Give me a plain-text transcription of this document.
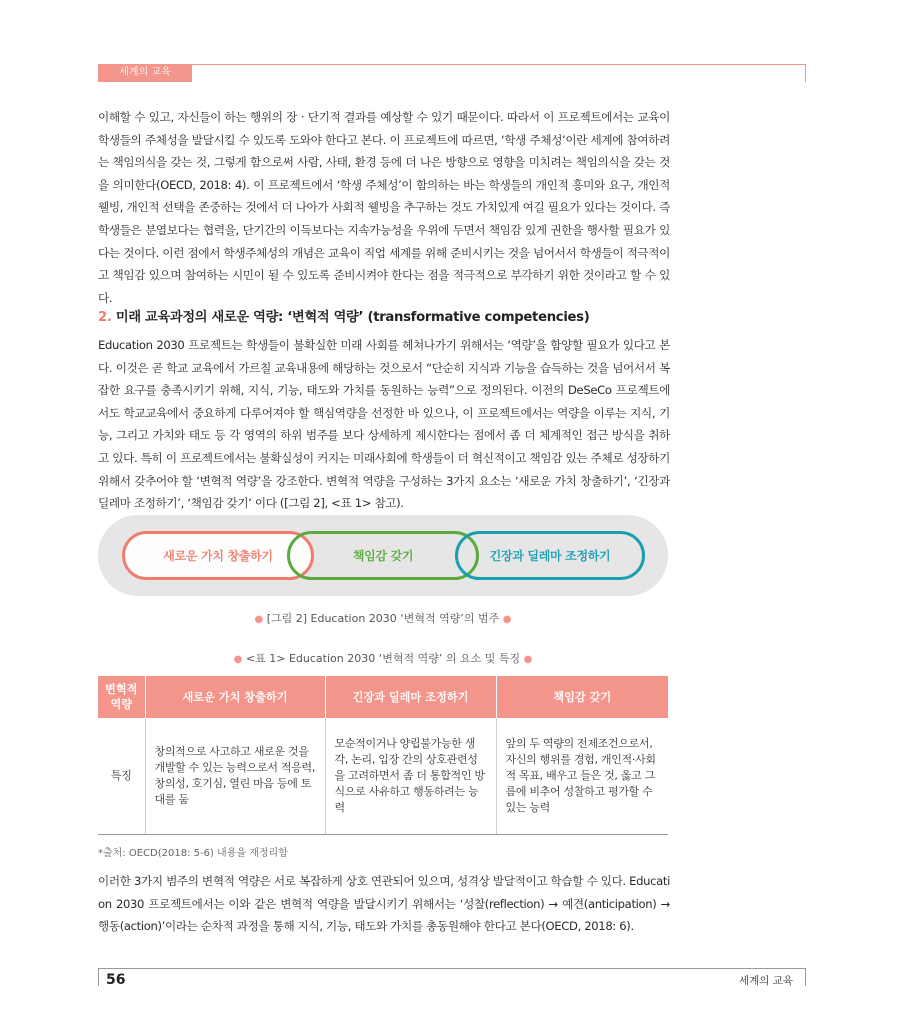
세계의 교육

이해할 수 있고, 자신들이 하는 행위의 장 · 단기적 결과를 예상할 수 있기 때문이다. 따라서 이 프로젝트에서는 교육이 학생들의 주체성을 발달시킬 수 있도록 도와야 한다고 본다. 이 프로젝트에 따르면, ‘학생 주체성’이란 세계에 참여하려는 책임의식을 갖는 것, 그렇게 함으로써 사람, 사태, 환경 등에 더 나은 방향으로 영향을 미치려는 책임의식을 갖는 것을 의미한다(OECD, 2018: 4). 이 프로젝트에서 ‘학생 주체성’이 함의하는 바는 학생들의 개인적 흥미와 요구, 개인적 웰빙, 개인적 선택을 존중하는 것에서 더 나아가 사회적 웰빙을 추구하는 것도 가치있게 여길 필요가 있다는 것이다. 즉 학생들은 분열보다는 협력을, 단기간의 이득보다는 지속가능성을 우위에 두면서 책임감 있게 권한을 행사할 필요가 있다는 것이다. 이런 점에서 학생주체성의 개념은 교육이 직업 세계를 위해 준비시키는 것을 넘어서서 학생들이 적극적이고 책임감 있으며 참여하는 시민이 될 수 있도록 준비시켜야 한다는 점을 적극적으로 부각하기 위한 것이라고 할 수 있다.

2. 미래 교육과정의 새로운 역량: ‘변혁적 역량’ (transformative competencies)

Education 2030 프로젝트는 학생들이 불확실한 미래 사회를 헤쳐나가기 위해서는 ‘역량’을 함양할 필요가 있다고 본다. 이것은 곧 학교 교육에서 가르칠 교육내용에 해당하는 것으로서 “단순히 지식과 기능을 습득하는 것을 넘어서서 복잡한 요구를 충족시키기 위해, 지식, 기능, 태도와 가치를 동원하는 능력”으로 정의된다. 이전의 DeSeCo 프로젝트에서도 학교교육에서 중요하게 다루어져야 할 핵심역량을 선정한 바 있으나, 이 프로젝트에서는 역량을 이루는 지식, 기능, 그리고 가치와 태도 등 각 영역의 하위 범주를 보다 상세하게 제시한다는 점에서 좀 더 체계적인 접근 방식을 취하고 있다. 특히 이 프로젝트에서는 불확실성이 커지는 미래사회에 학생들이 더 혁신적이고 책임감 있는 주체로 성장하기 위해서 갖추어야 할 ‘변혁적 역량’을 강조한다. 변혁적 역량을 구성하는 3가지 요소는 ‘새로운 가치 창출하기’, ‘긴장과 딜레마 조정하기’, ‘책임감 갖기’ 이다 ([그림 2], <표 1> 참고).

새로운 가치 창출하기	책임감 갖기	긴장과 딜레마 조정하기
● [그림 2] Education 2030 ‘변혁적 역량’의 범주 ●
● <표 1> Education 2030 ‘변혁적 역량’ 의 요소 및 특징 ●
변혁적 역량	새로운 가치 창출하기	긴장과 딜레마 조정하기	책임감 갖기
특징	창의적으로 사고하고 새로운 것을 개발할 수 있는 능력으로서 적응력, 창의성, 호기심, 열린 마음 등에 토대를 둠	모순적이거나 양립불가능한 생각, 논리, 입장 간의 상호관련성을 고려하면서 좀 더 통합적인 방식으로 사유하고 행동하려는 능력	앞의 두 역량의 전제조건으로서, 자신의 행위를 경험, 개인적·사회적 목표, 배우고 들은 것, 옳고 그름에 비추어 성찰하고 평가할 수 있는 능력
*출처: OECD(2018: 5-6) 내용을 재정리함

이러한 3가지 범주의 변혁적 역량은 서로 복잡하게 상호 연관되어 있으며, 성격상 발달적이고 학습할 수 있다. Education 2030 프로젝트에서는 이와 같은 변혁적 역량을 발달시키기 위해서는 ‘성찰(reflection) → 예견(anticipation) → 행동(action)’이라는 순차적 과정을 통해 지식, 기능, 태도와 가치를 총동원해야 한다고 본다(OECD, 2018: 6).

56	세계의 교육
